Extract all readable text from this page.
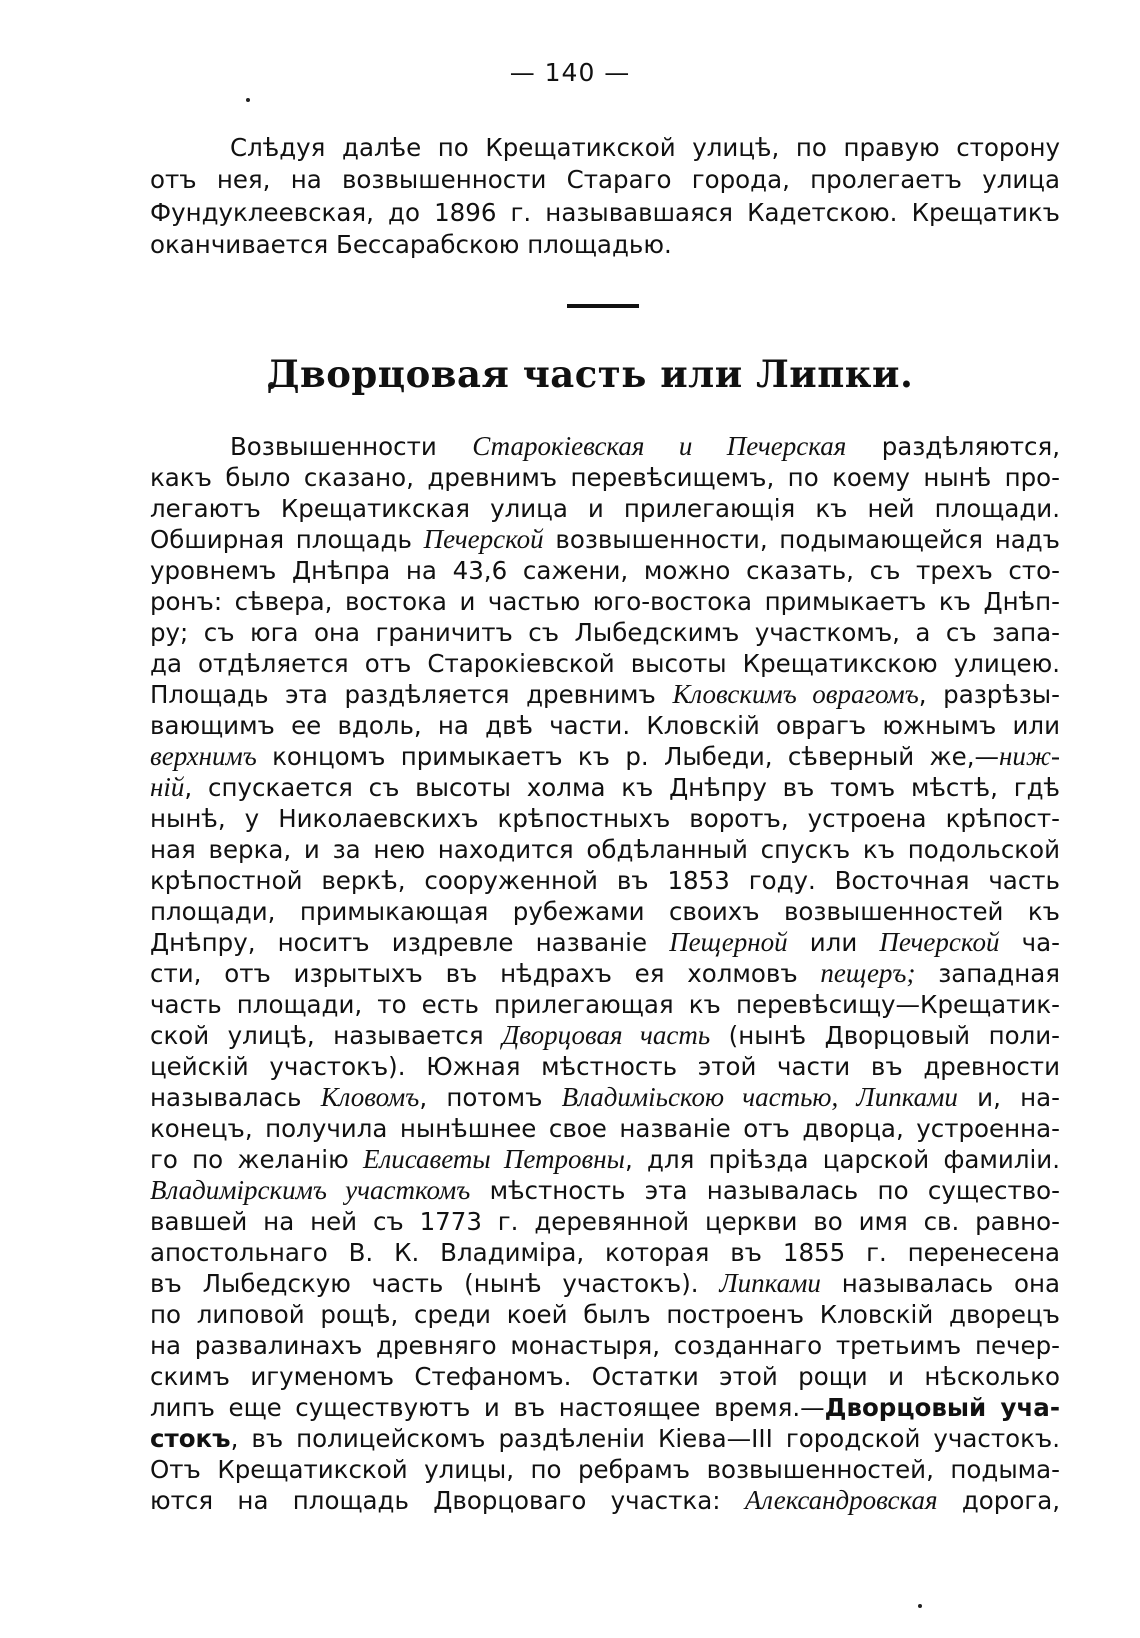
— 140 —
Слѣдуя далѣе по Крещатикской улицѣ, по правую сторону
отъ нея, на возвышенности Стараго города, пролегаетъ улица
Фундуклеевская, до 1896 г. называвшаяся Кадетскою. Крещатикъ
оканчивается Бессарабскою площадью.
Дворцовая часть или Липки.
Возвышенности Старокіевская и Печерская раздѣляются,
какъ было сказано, древнимъ перевѣсищемъ, по коему нынѣ про-
легаютъ Крещатикская улица и прилегающія къ ней площади.
Обширная площадь Печерской возвышенности, подымающейся надъ
уровнемъ Днѣпра на 43,6 сажени, можно сказать, съ трехъ сто-
ронъ: сѣвера, востока и частью юго-востока примыкаетъ къ Днѣп-
ру; съ юга она граничитъ съ Лыбедскимъ участкомъ, а съ запа-
да отдѣляется отъ Старокіевской высоты Крещатикскою улицею.
Площадь эта раздѣляется древнимъ Кловскимъ оврагомъ, разрѣзы-
вающимъ ее вдоль, на двѣ части. Кловскій оврагъ южнымъ или
верхнимъ концомъ примыкаетъ къ р. Лыбеди, сѣверный же,—ниж-
ній, спускается съ высоты холма къ Днѣпру въ томъ мѣстѣ, гдѣ
нынѣ, у Николаевскихъ крѣпостныхъ воротъ, устроена крѣпост-
ная верка, и за нею находится обдѣланный спускъ къ подольской
крѣпостной веркѣ, сооруженной въ 1853 году. Восточная часть
площади, примыкающая рубежами своихъ возвышенностей къ
Днѣпру, носитъ издревле названіе Пещерной или Печерской ча-
сти, отъ изрытыхъ въ нѣдрахъ ея холмовъ пещеръ; западная
часть площади, то есть прилегающая къ перевѣсищу—Крещатик-
ской улицѣ, называется Дворцовая часть (нынѣ Дворцовый поли-
цейскій участокъ). Южная мѣстность этой части въ древности
называлась Кловомъ, потомъ Владиміьскою частью, Липками и, на-
конецъ, получила нынѣшнее свое названіе отъ дворца, устроенна-
го по желанію Елисаветы Петровны, для пріѣзда царской фамиліи.
Владимірскимъ участкомъ мѣстность эта называлась по существо-
вавшей на ней съ 1773 г. деревянной церкви во имя св. равно-
апостольнаго В. К. Владиміра, которая въ 1855 г. перенесена
въ Лыбедскую часть (нынѣ участокъ). Липками называлась она
по липовой рощѣ, среди коей былъ построенъ Кловскій дворецъ
на развалинахъ древняго монастыря, созданнаго третьимъ печер-
скимъ игуменомъ Стефаномъ. Остатки этой рощи и нѣсколько
липъ еще существуютъ и въ настоящее время.—Дворцовый уча-
стокъ, въ полицейскомъ раздѣленіи Кіева—III городской участокъ.
Отъ Крещатикской улицы, по ребрамъ возвышенностей, подыма-
ются на площадь Дворцоваго участка: Александровская дорога,
